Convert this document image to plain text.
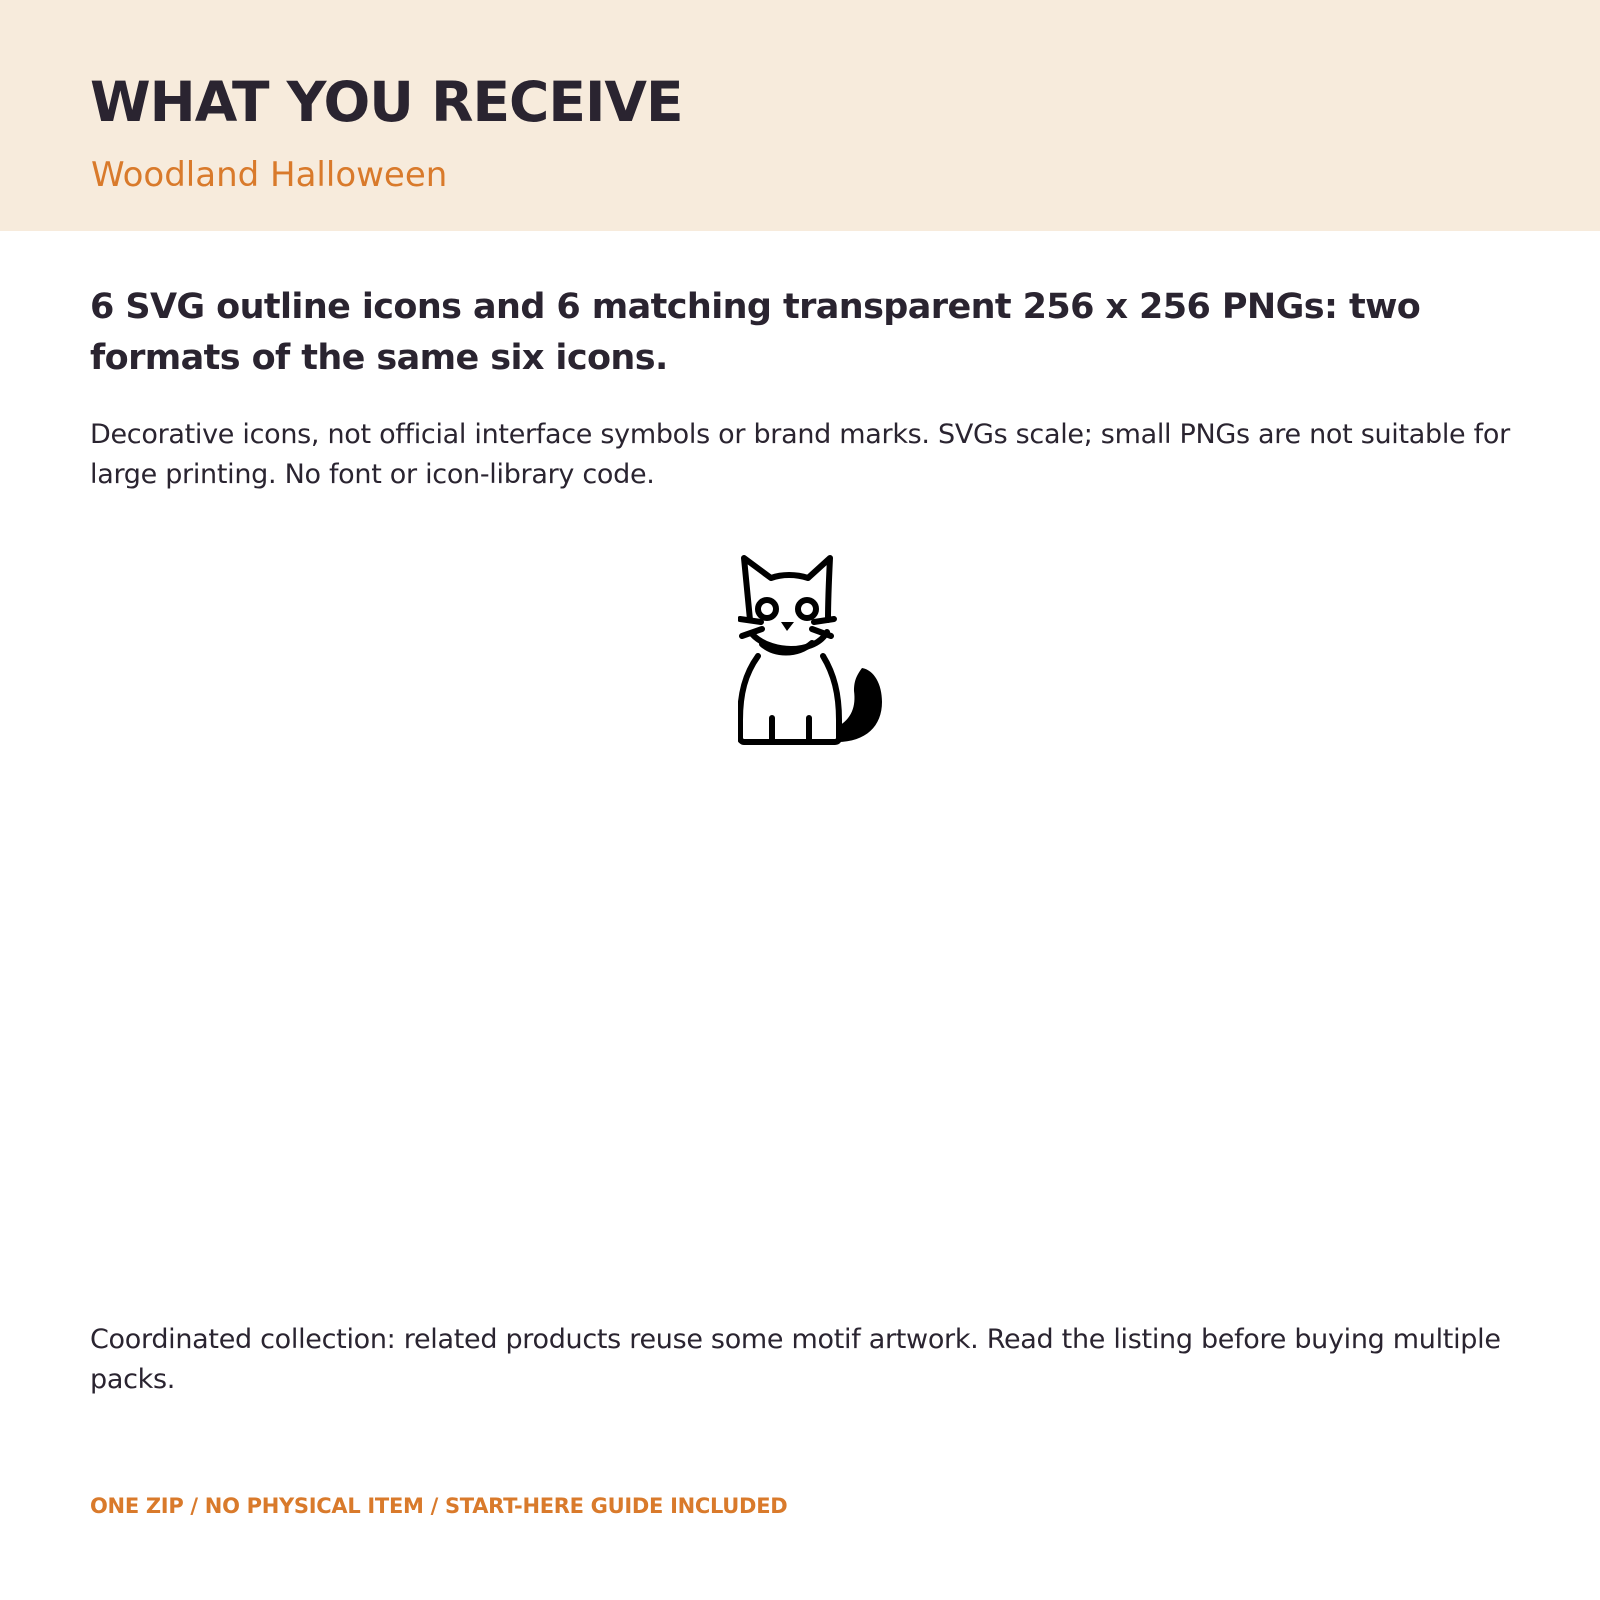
WHAT YOU RECEIVE
Woodland Halloween

6 SVG outline icons and 6 matching transparent 256 x 256 PNGs: two formats of the same six icons.

Decorative icons, not official interface symbols or brand marks. SVGs scale; small PNGs are not suitable for large printing. No font or icon-library code.

Coordinated collection: related products reuse some motif artwork. Read the listing before buying multiple packs.

ONE ZIP / NO PHYSICAL ITEM / START-HERE GUIDE INCLUDED
